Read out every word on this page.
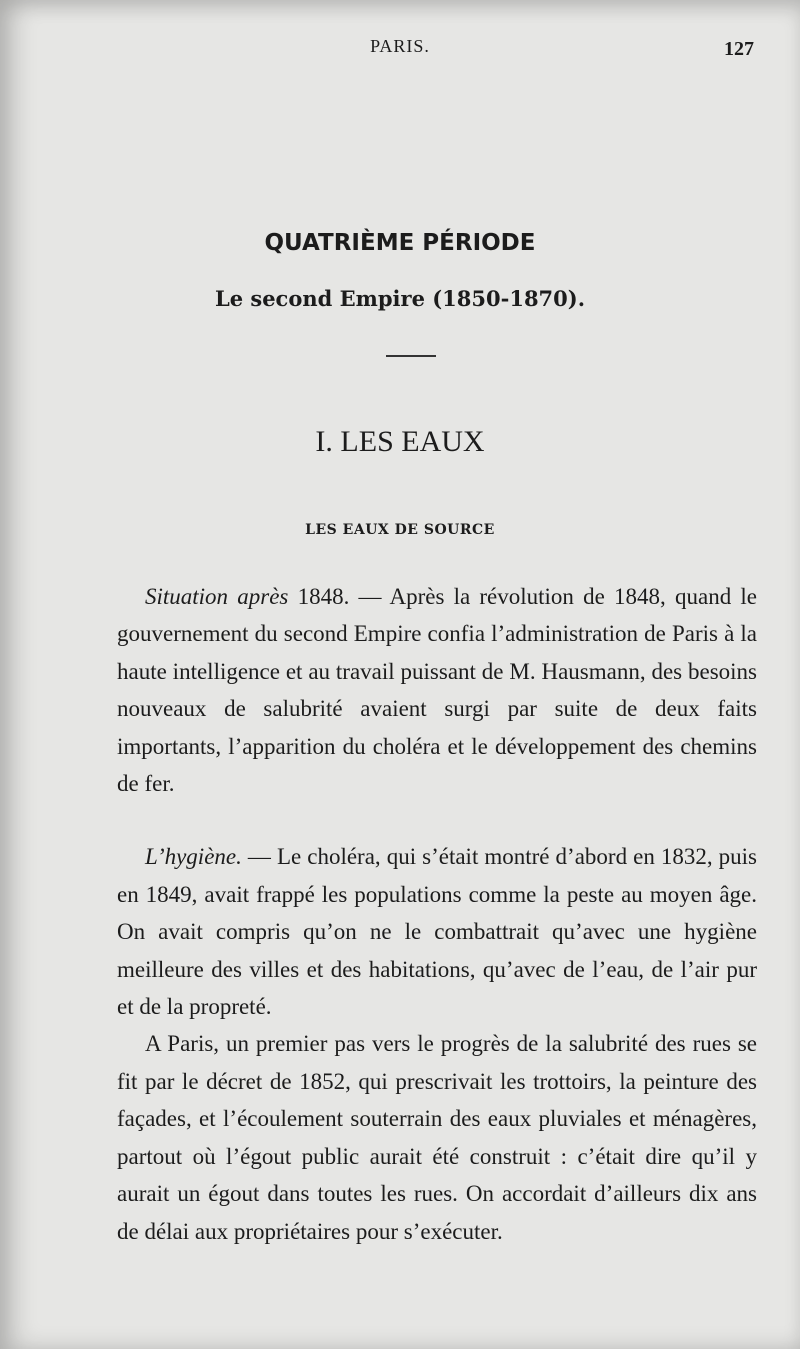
PARIS.	127
QUATRIÈME PÉRIODE
Le second Empire (1850-1870).
I. LES EAUX
LES EAUX DE SOURCE

Situation après 1848. — Après la révolution de 1848, quand le gouvernement du second Empire confia l’administration de Paris à la haute intelligence et au travail puissant de M. Hausmann, des besoins nouveaux de salubrité avaient surgi par suite de deux faits importants, l’apparition du choléra et le développement des chemins de fer.

L’hygiène. — Le choléra, qui s’était montré d’abord en 1832, puis en 1849, avait frappé les populations comme la peste au moyen âge. On avait compris qu’on ne le combattrait qu’avec une hygiène meilleure des villes et des habitations, qu’avec de l’eau, de l’air pur et de la propreté.

A Paris, un premier pas vers le progrès de la salubrité des rues se fit par le décret de 1852, qui prescrivait les trottoirs, la peinture des façades, et l’écoulement souterrain des eaux pluviales et ménagères, partout où l’égout public aurait été construit : c’était dire qu’il y aurait un égout dans toutes les rues. On accordait d’ailleurs dix ans de délai aux propriétaires pour s’exécuter.
